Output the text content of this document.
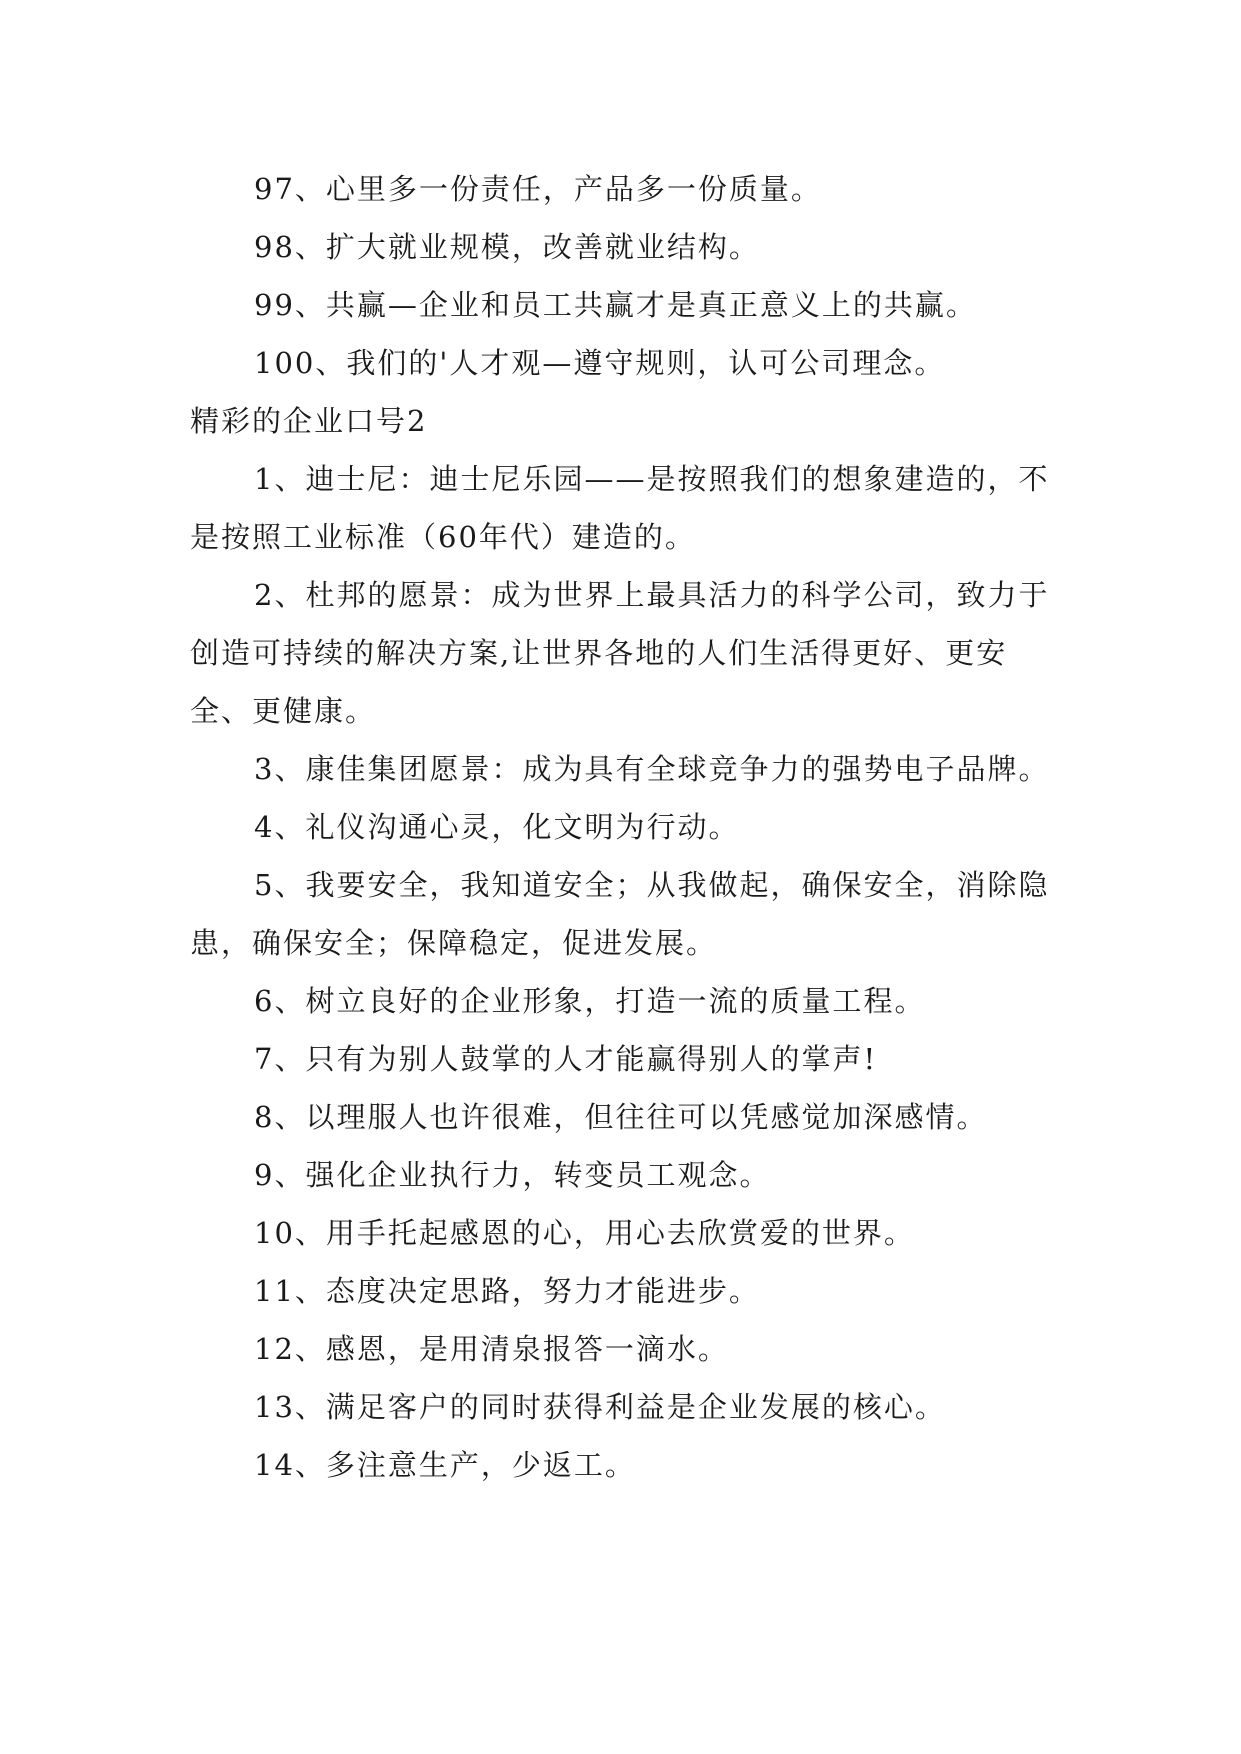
97、心里多一份责任，产品多一份质量。

98、扩大就业规模，改善就业结构。

99、共赢—企业和员工共赢才是真正意义上的共赢。

100、我们的'人才观—遵守规则，认可公司理念。

精彩的企业口号2

1、迪士尼：迪士尼乐园——是按照我们的想象建造的，不是按照工业标准（60年代）建造的。

2、杜邦的愿景：成为世界上最具活力的科学公司，致力于创造可持续的解决方案,让世界各地的人们生活得更好、更安全、更健康。

3、康佳集团愿景：成为具有全球竞争力的强势电子品牌。

4、礼仪沟通心灵，化文明为行动。

5、我要安全，我知道安全；从我做起，确保安全，消除隐患，确保安全；保障稳定，促进发展。

6、树立良好的企业形象，打造一流的质量工程。

7、只有为别人鼓掌的人才能赢得别人的掌声!

8、以理服人也许很难，但往往可以凭感觉加深感情。

9、强化企业执行力，转变员工观念。

10、用手托起感恩的心，用心去欣赏爱的世界。

11、态度决定思路，努力才能进步。

12、感恩，是用清泉报答一滴水。

13、满足客户的同时获得利益是企业发展的核心。

14、多注意生产，少返工。
